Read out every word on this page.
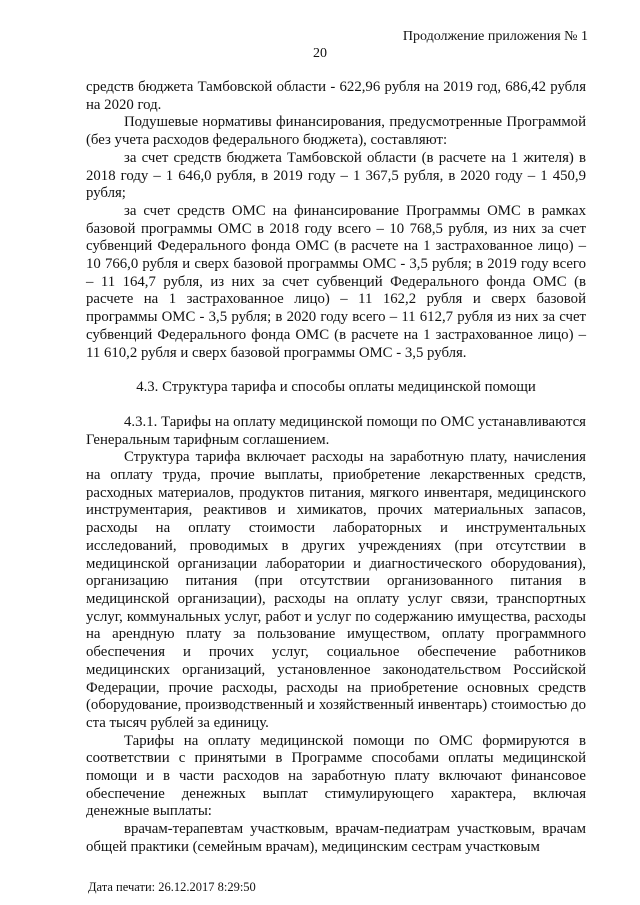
Продолжение приложения № 1
20

средств бюджета Тамбовской области - 622,96 рубля на 2019 год, 686,42 рубля на 2020 год.

Подушевые нормативы финансирования, предусмотренные Программой (без учета расходов федерального бюджета), составляют:

за счет средств бюджета Тамбовской области (в расчете на 1 жителя) в 2018 году – 1 646,0 рубля, в 2019 году – 1 367,5 рубля, в 2020 году – 1 450,9 рубля;

за счет средств ОМС на финансирование Программы ОМС в рамках базовой программы ОМС в 2018 году всего – 10 768,5 рубля, из них за счет субвенций Федерального фонда ОМС (в расчете на 1 застрахованное лицо) – 10 766,0 рубля и сверх базовой программы ОМС - 3,5 рубля; в 2019 году всего – 11 164,7 рубля, из них за счет субвенций Федерального фонда ОМС (в расчете на 1 застрахованное лицо) – 11 162,2 рубля и сверх базовой программы ОМС - 3,5 рубля; в 2020 году всего – 11 612,7 рубля из них за счет субвенций Федерального фонда ОМС (в расчете на 1 застрахованное лицо) – 11 610,2 рубля и сверх базовой программы ОМС - 3,5 рубля.

4.3. Структура тарифа и способы оплаты медицинской помощи

4.3.1. Тарифы на оплату медицинской помощи по ОМС устанавливаются Генеральным тарифным соглашением.

Структура тарифа включает расходы на заработную плату, начисления на оплату труда, прочие выплаты, приобретение лекарственных средств, расходных материалов, продуктов питания, мягкого инвентаря, медицинского инструментария, реактивов и химикатов, прочих материальных запасов, расходы на оплату стоимости лабораторных и инструментальных исследований, проводимых в других учреждениях (при отсутствии в медицинской организации лаборатории и диагностического оборудования), организацию питания (при отсутствии организованного питания в медицинской организации), расходы на оплату услуг связи, транспортных услуг, коммунальных услуг, работ и услуг по содержанию имущества, расходы на арендную плату за пользование имуществом, оплату программного обеспечения и прочих услуг, социальное обеспечение работников медицинских организаций, установленное законодательством Российской Федерации, прочие расходы, расходы на приобретение основных средств (оборудование, производственный и хозяйственный инвентарь) стоимостью до ста тысяч рублей за единицу.

Тарифы на оплату медицинской помощи по ОМС формируются в соответствии с принятыми в Программе способами оплаты медицинской помощи и в части расходов на заработную плату включают финансовое обеспечение денежных выплат стимулирующего характера, включая денежные выплаты:

врачам-терапевтам участковым, врачам-педиатрам участковым, врачам общей практики (семейным врачам), медицинским сестрам участковым

Дата печати: 26.12.2017 8:29:50
